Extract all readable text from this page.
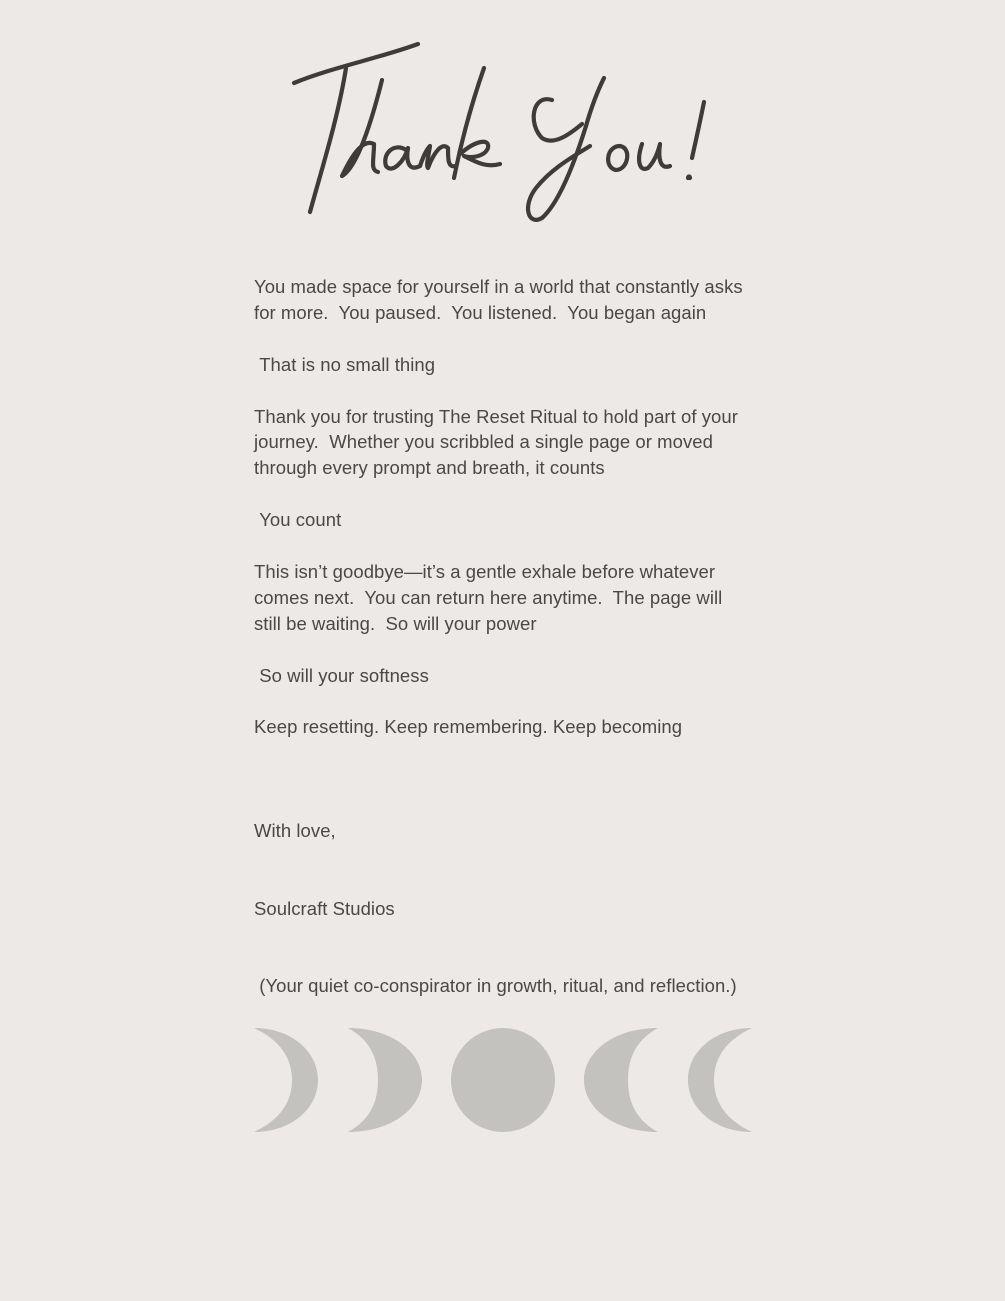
You made space for yourself in a world that constantly asks for more.  You paused.  You listened.  You began again

That is no small thing

Thank you for trusting The Reset Ritual to hold part of your journey.  Whether you scribbled a single page or moved through every prompt and breath, it counts

You count

This isn’t goodbye—it’s a gentle exhale before whatever comes next.  You can return here anytime.  The page will still be waiting.  So will your power

So will your softness

Keep resetting. Keep remembering. Keep becoming

With love,

Soulcraft Studios

(Your quiet co-conspirator in growth, ritual, and reflection.)
